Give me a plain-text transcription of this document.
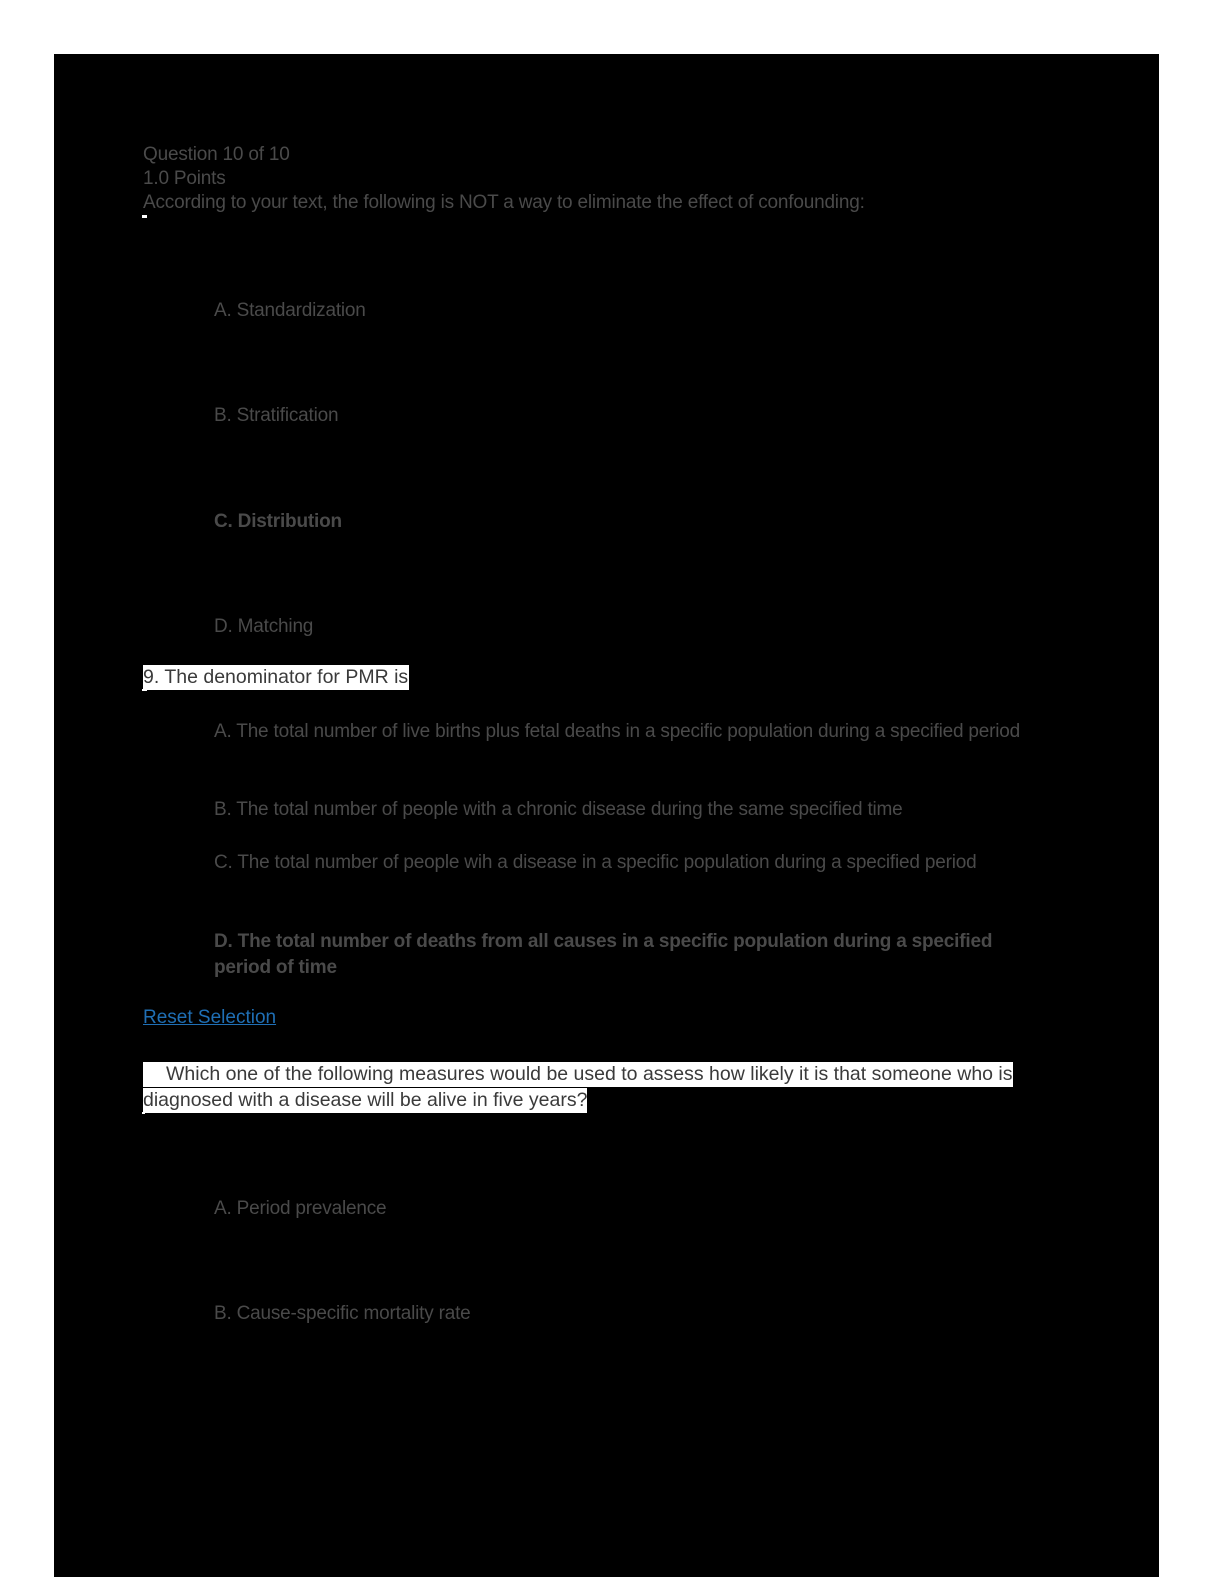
Question 10 of 10
1.0 Points
According to your text, the following is NOT a way to eliminate the effect of confounding:
A. Standardization
B. Stratification
C. Distribution
D. Matching
9. The denominator for PMR is
A. The total number of live births plus fetal deaths in a specific population during a specified period
B. The total number of people with a chronic disease during the same specified time
C. The total number of people wih a disease in a specific population during a specified period
D. The total number of deaths from all causes in a specific population during a specified period of time
Reset Selection
Which one of the following measures would be used to assess how likely it is that someone who is
diagnosed with a disease will be alive in five years?
A. Period prevalence
B. Cause-specific mortality rate
